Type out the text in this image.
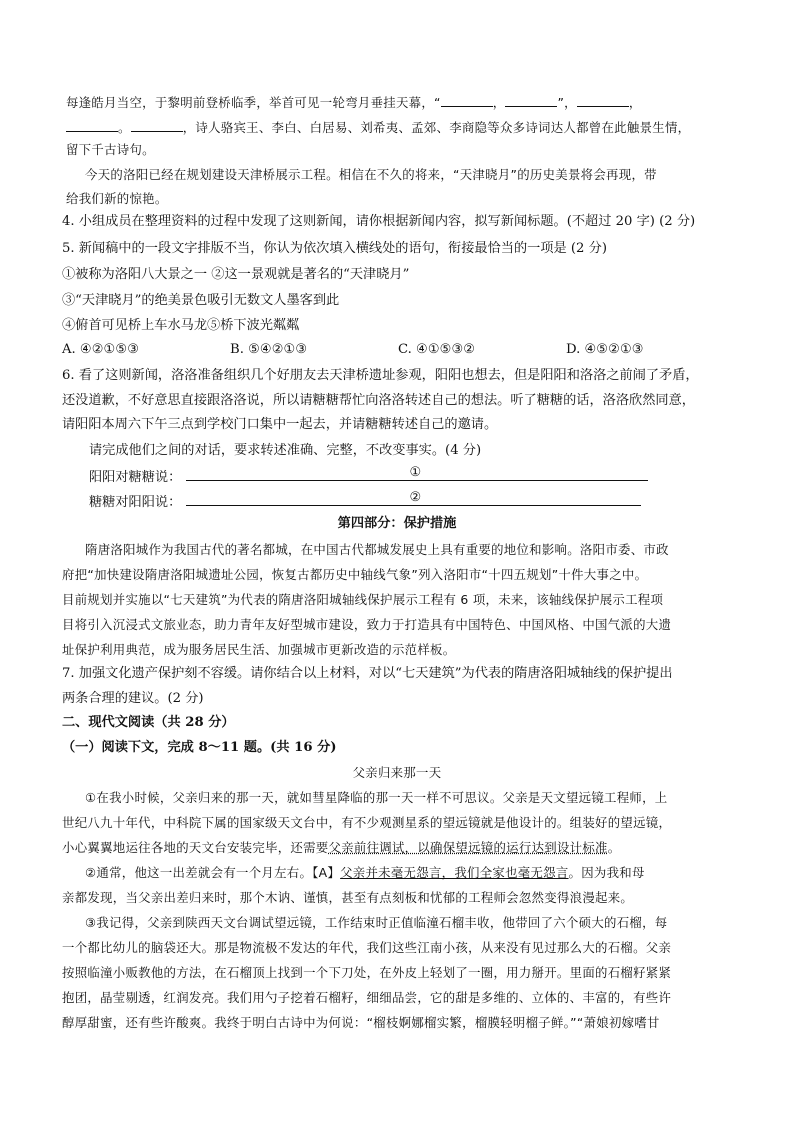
每逢皓月当空，于黎明前登桥临季，举首可见一轮弯月垂挂天幕，“	，	”，	，
。	，诗人骆宾王、李白、白居易、刘希夷、孟郊、李商隐等众多诗词达人都曾在此触景生情，
留下千古诗句。
今天的洛阳已经在规划建设天津桥展示工程。相信在不久的将来，“天津晓月”的历史美景将会再现，带
给我们新的惊艳。
4. 小组成员在整理资料的过程中发现了这则新闻，请你根据新闻内容，拟写新闻标题。(不超过 20 字) (2 分)
5. 新闻稿中的一段文字排版不当，你认为依次填入横线处的语句，衔接最恰当的一项是 (2 分)
①被称为洛阳八大景之一 ②这一景观就是著名的“天津晓月”
③“天津晓月”的绝美景色吸引无数文人墨客到此
④俯首可见桥上车水马龙⑤桥下波光粼粼
A. ④②①⑤③	B. ⑤④②①③	C. ④①⑤③②	D. ④⑤②①③
6. 看了这则新闻，洛洛准备组织几个好朋友去天津桥遗址参观，阳阳也想去，但是阳阳和洛洛之前闹了矛盾，
还没道歉，不好意思直接跟洛洛说，所以请糖糖帮忙向洛洛转述自己的想法。听了糖糖的话，洛洛欣然同意，
请阳阳本周六下午三点到学校门口集中一起去，并请糖糖转述自己的邀请。
请完成他们之间的对话，要求转述准确、完整，不改变事实。(4 分)
阳阳对糖糖说：	①
糖糖对阳阳说：	②
第四部分：保护措施
隋唐洛阳城作为我国古代的著名都城，在中国古代都城发展史上具有重要的地位和影响。洛阳市委、市政
府把“加快建设隋唐洛阳城遗址公园，恢复古都历史中轴线气象”列入洛阳市“十四五规划”十件大事之中。
目前规划并实施以“七天建筑”为代表的隋唐洛阳城轴线保护展示工程有 6 项，未来，该轴线保护展示工程项
目将引入沉浸式文旅业态，助力青年友好型城市建设，致力于打造具有中国特色、中国风格、中国气派的大遗
址保护利用典范，成为服务居民生活、加强城市更新改造的示范样板。
7. 加强文化遗产保护刻不容缓。请你结合以上材料，对以“七天建筑”为代表的隋唐洛阳城轴线的保护提出
两条合理的建议。(2 分)
二、现代文阅读（共 28 分）
（一）阅读下文，完成 8～11 题。(共 16 分)
父亲归来那一天
①在我小时候，父亲归来的那一天，就如彗星降临的那一天一样不可思议。父亲是天文望远镜工程师，上
世纪八九十年代，中科院下属的国家级天文台中，有不少观测星系的望远镜就是他设计的。组装好的望远镜，
小心翼翼地运往各地的天文台安装完毕，还需要父亲前往调试，以确保望远镜的运行达到设计标准。
②通常，他这一出差就会有一个月左右。【A】父亲并未毫无怨言，我们全家也毫无怨言。因为我和母
亲都发现，当父亲出差归来时，那个木讷、谨慎，甚至有点刻板和忧郁的工程师会忽然变得浪漫起来。
③我记得，父亲到陕西天文台调试望远镜，工作结束时正值临潼石榴丰收，他带回了六个硕大的石榴，每
一个都比幼儿的脑袋还大。那是物流极不发达的年代，我们这些江南小孩，从来没有见过那么大的石榴。父亲
按照临潼小贩教他的方法，在石榴顶上找到一个下刀处，在外皮上轻划了一圈，用力掰开。里面的石榴籽紧紧
抱团，晶莹剔透，红润发亮。我们用勺子挖着石榴籽，细细品尝，它的甜是多维的、立体的、丰富的，有些许
醇厚甜蜜，还有些许酸爽。我终于明白古诗中为何说：“榴枝婀娜榴实繁，榴膜轻明榴子鲜。”“萧娘初嫁嗜甘
